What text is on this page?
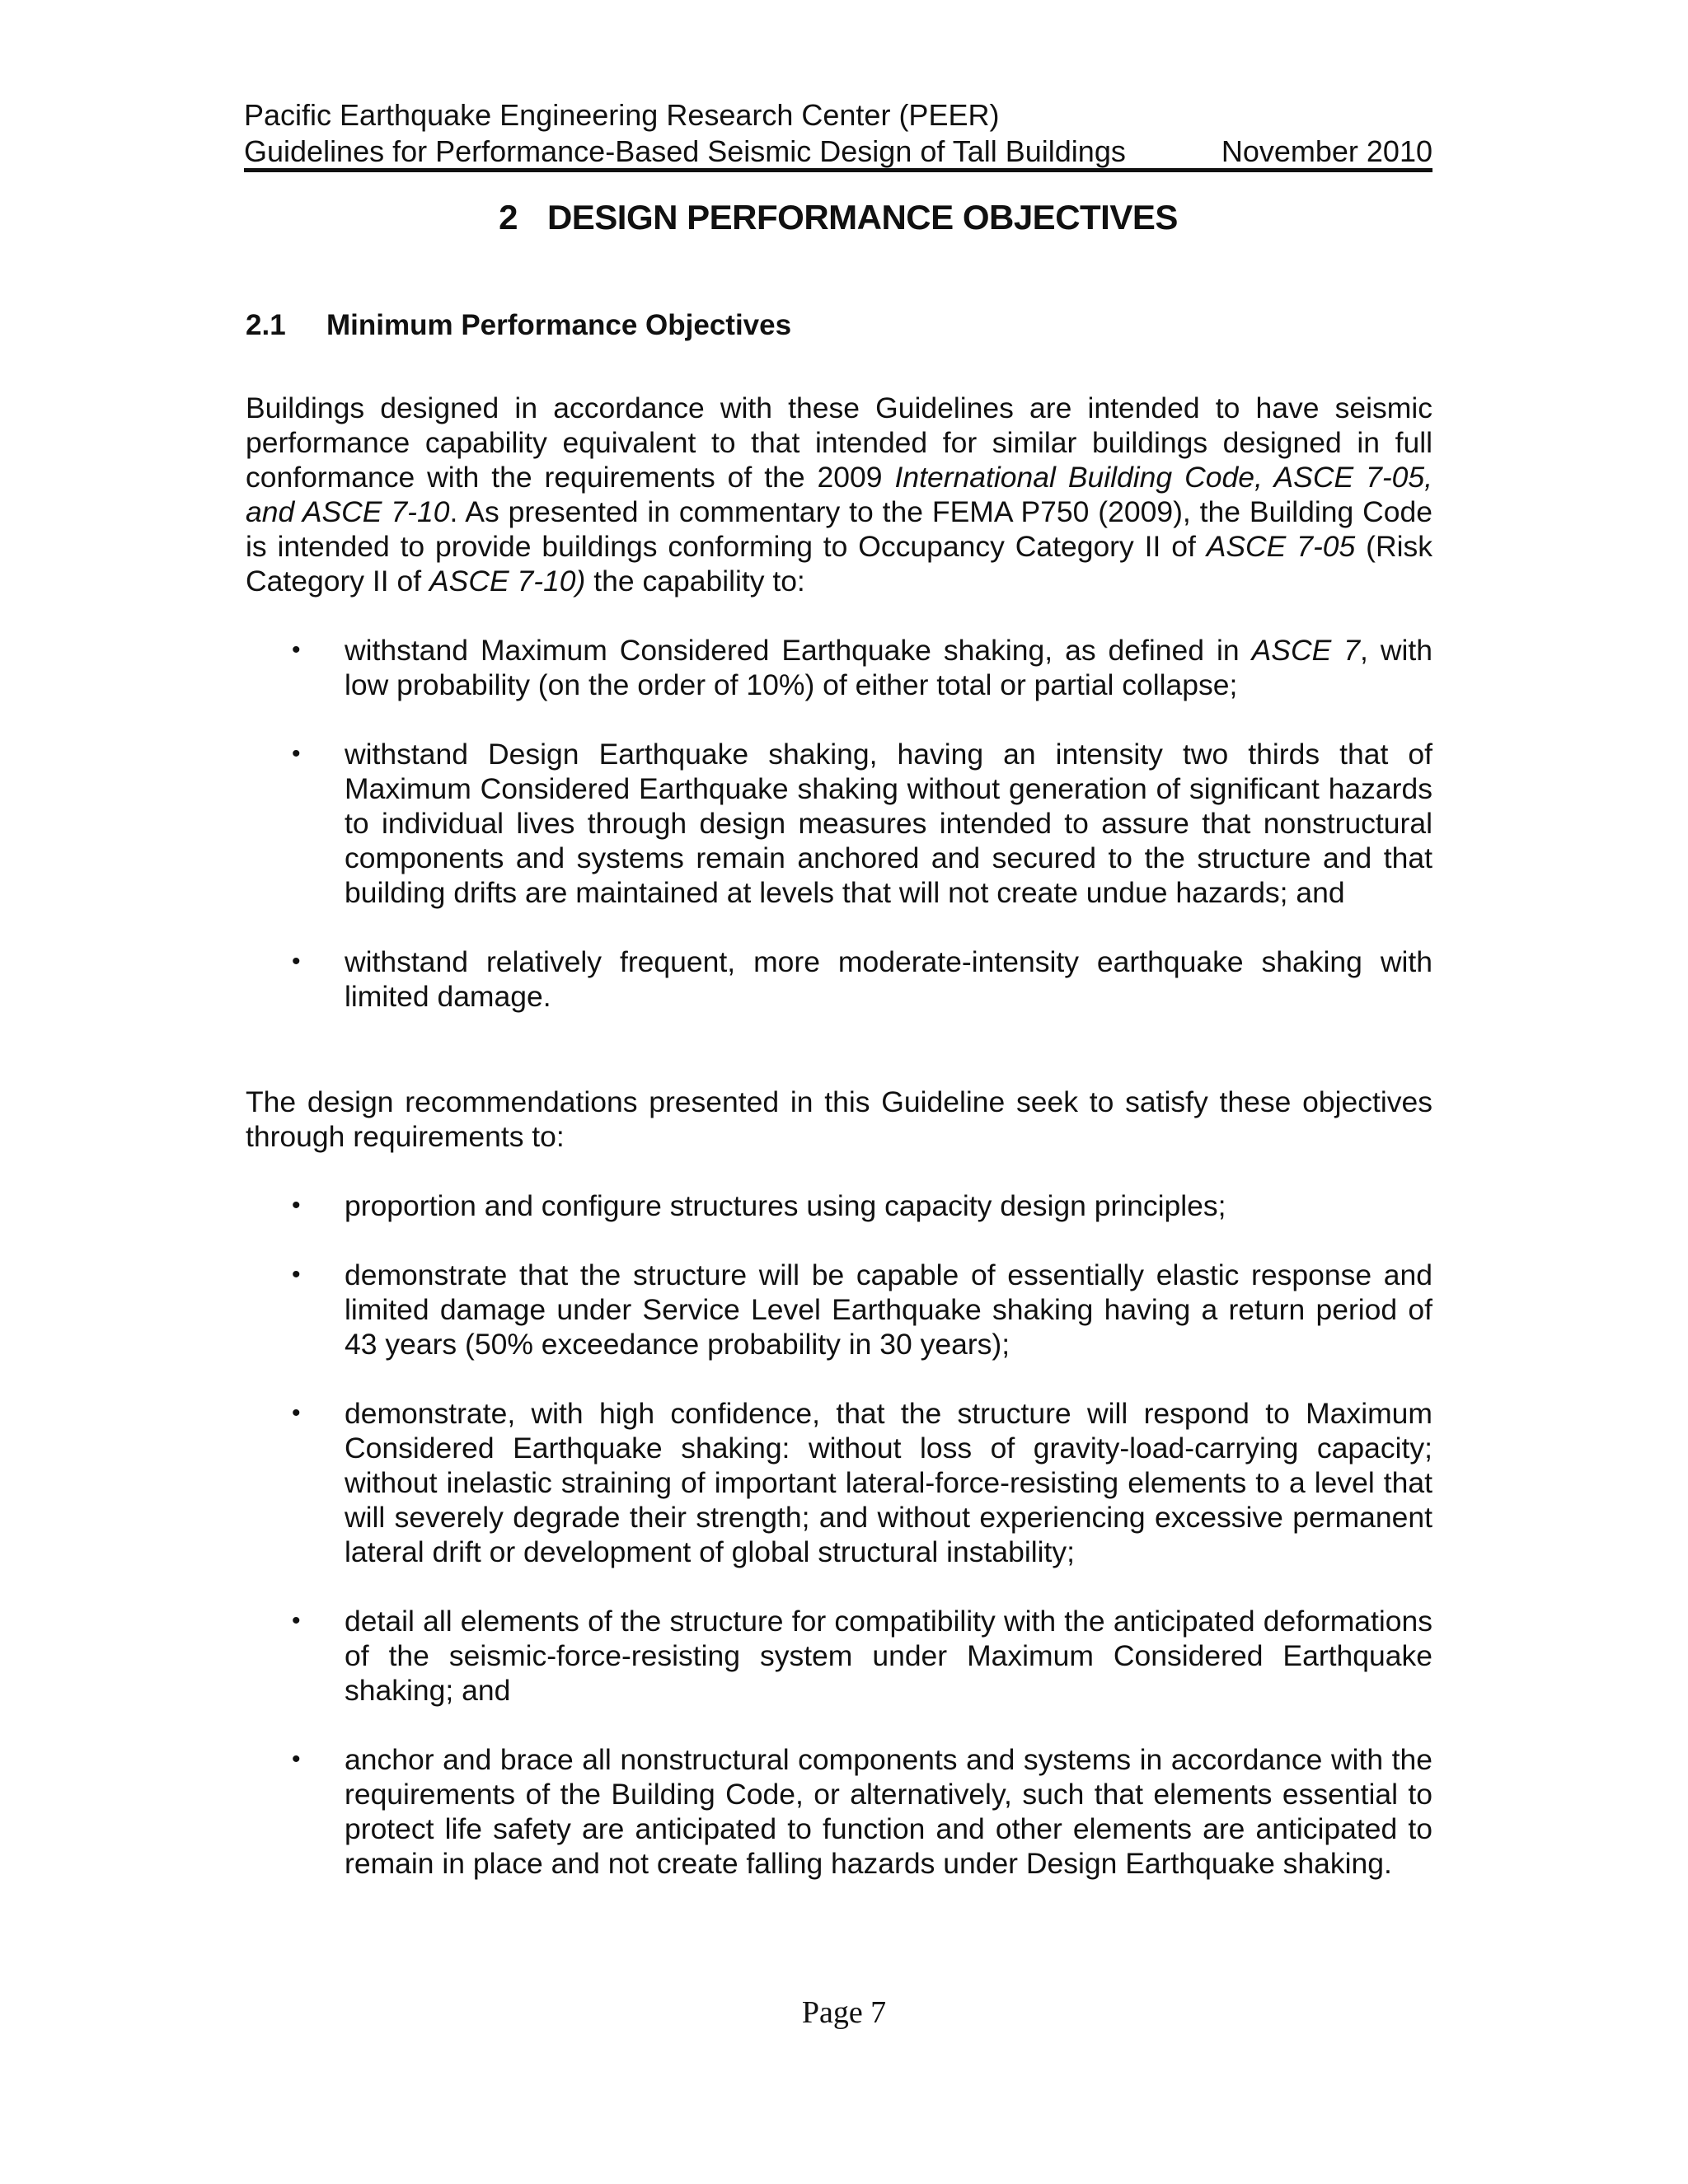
Pacific Earthquake Engineering Research Center (PEER)
Guidelines for Performance-Based Seismic Design of Tall Buildings	November 2010
2 DESIGN PERFORMANCE OBJECTIVES
2.1 Minimum Performance Objectives
Buildings designed in accordance with these Guidelines are intended to have seismic performance capability equivalent to that intended for similar buildings designed in full conformance with the requirements of the 2009 International Building Code, ASCE 7-05, and ASCE 7-10. As presented in commentary to the FEMA P750 (2009), the Building Code is intended to provide buildings conforming to Occupancy Category II of ASCE 7-05 (Risk Category II of ASCE 7-10) the capability to:
• withstand Maximum Considered Earthquake shaking, as defined in ASCE 7, with low probability (on the order of 10%) of either total or partial collapse;
• withstand Design Earthquake shaking, having an intensity two thirds that of Maximum Considered Earthquake shaking without generation of significant hazards to individual lives through design measures intended to assure that nonstructural components and systems remain anchored and secured to the structure and that building drifts are maintained at levels that will not create undue hazards; and
• withstand relatively frequent, more moderate-intensity earthquake shaking with limited damage.
The design recommendations presented in this Guideline seek to satisfy these objectives through requirements to:
• proportion and configure structures using capacity design principles;
• demonstrate that the structure will be capable of essentially elastic response and limited damage under Service Level Earthquake shaking having a return period of 43 years (50% exceedance probability in 30 years);
• demonstrate, with high confidence, that the structure will respond to Maximum Considered Earthquake shaking: without loss of gravity-load-carrying capacity; without inelastic straining of important lateral-force-resisting elements to a level that will severely degrade their strength; and without experiencing excessive permanent lateral drift or development of global structural instability;
• detail all elements of the structure for compatibility with the anticipated deformations of the seismic-force-resisting system under Maximum Considered Earthquake shaking; and
• anchor and brace all nonstructural components and systems in accordance with the requirements of the Building Code, or alternatively, such that elements essential to protect life safety are anticipated to function and other elements are anticipated to remain in place and not create falling hazards under Design Earthquake shaking.
Page 7
